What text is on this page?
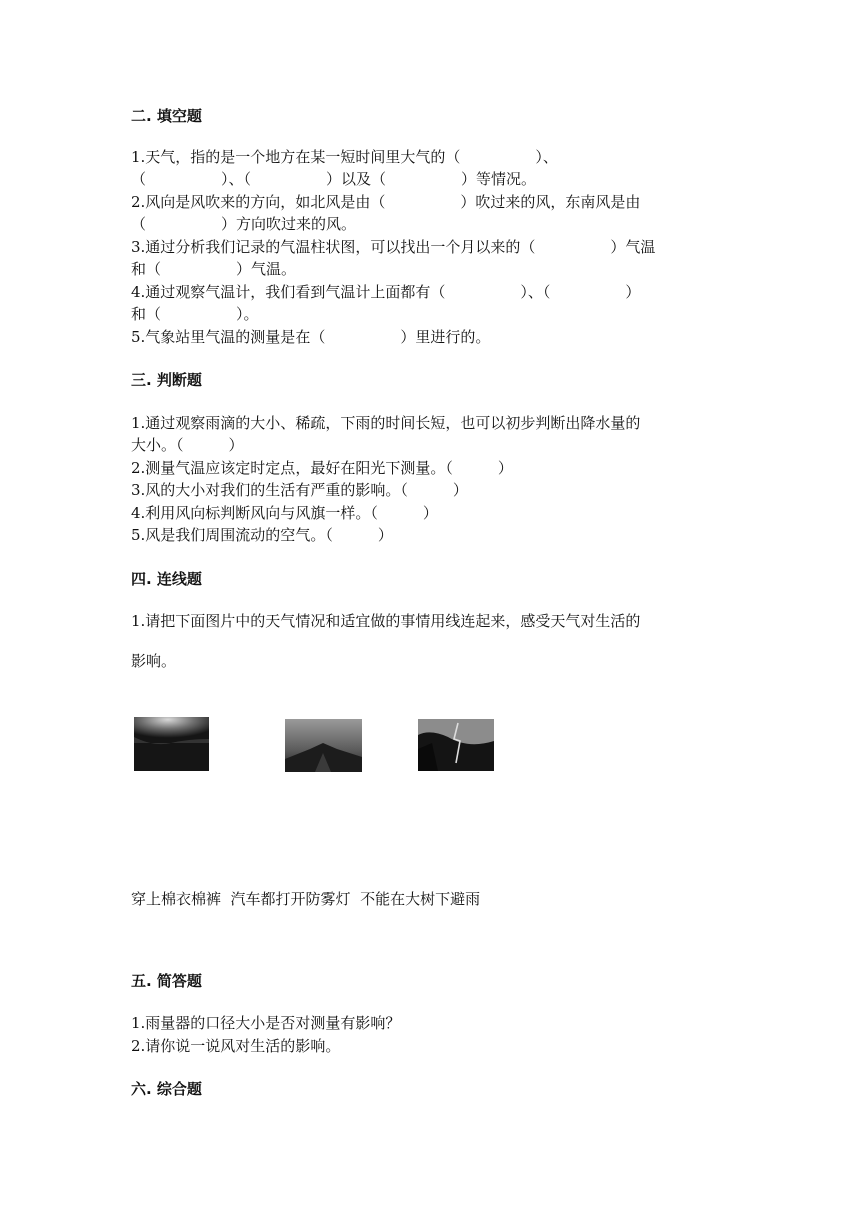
二. 填空题
1.天气，指的是一个地方在某一短时间里大气的（　　　　　）、
（　　　　　）、（　　　　　）以及（　　　　　）等情况。
2.风向是风吹来的方向，如北风是由（　　　　　）吹过来的风，东南风是由
（　　　　　）方向吹过来的风。
3.通过分析我们记录的气温柱状图，可以找出一个月以来的（　　　　　）气温
和（　　　　　）气温。
4.通过观察气温计，我们看到气温计上面都有（　　　　　）、（　　　　　）
和（　　　　　）。
5.气象站里气温的测量是在（　　　　　）里进行的。
三. 判断题
1.通过观察雨滴的大小、稀疏，下雨的时间长短，也可以初步判断出降水量的
大小。（　　　）
2.测量气温应该定时定点，最好在阳光下测量。（　　　）
3.风的大小对我们的生活有严重的影响。（　　　）
4.利用风向标判断风向与风旗一样。（　　　）
5.风是我们周围流动的空气。（　　　）
四. 连线题
1.请把下面图片中的天气情况和适宜做的事情用线连起来，感受天气对生活的
影响。
穿上棉衣棉裤  汽车都打开防雾灯  不能在大树下避雨
五. 简答题
1.雨量器的口径大小是否对测量有影响？
2.请你说一说风对生活的影响。
六. 综合题
